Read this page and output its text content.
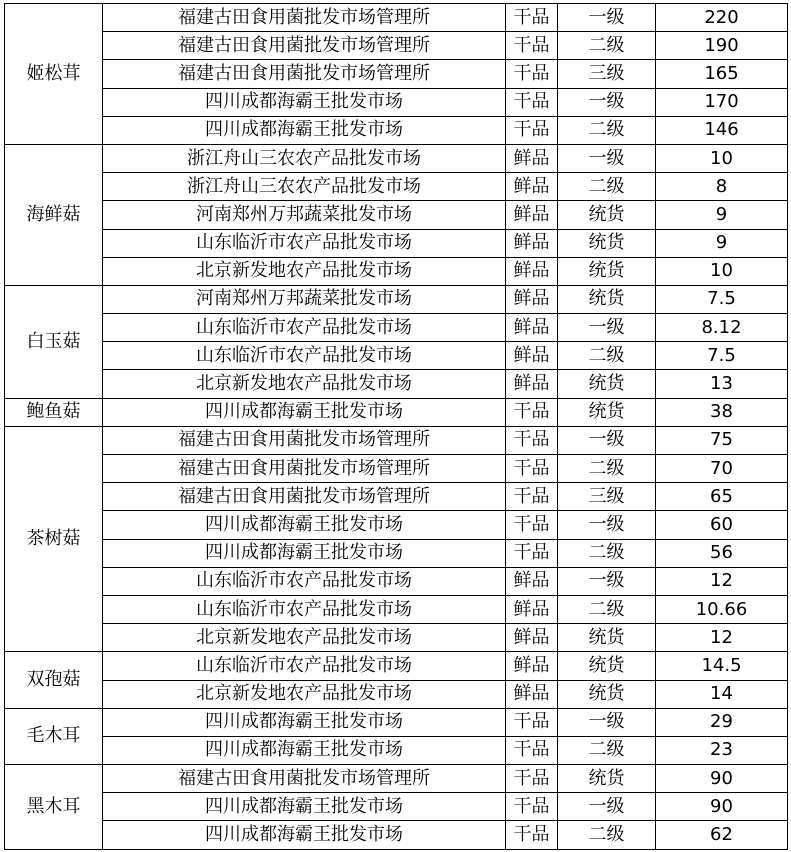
姬松茸
福建古田食用菌批发市场管理所	干品	一级	220
福建古田食用菌批发市场管理所	干品	二级	190
福建古田食用菌批发市场管理所	干品	三级	165
四川成都海霸王批发市场	干品	一级	170
四川成都海霸王批发市场	干品	二级	146
海鲜菇
浙江舟山三农农产品批发市场	鲜品	一级	10
浙江舟山三农农产品批发市场	鲜品	二级	8
河南郑州万邦蔬菜批发市场	鲜品	统货	9
山东临沂市农产品批发市场	鲜品	统货	9
北京新发地农产品批发市场	鲜品	统货	10
白玉菇
河南郑州万邦蔬菜批发市场	鲜品	统货	7.5
山东临沂市农产品批发市场	鲜品	一级	8.12
山东临沂市农产品批发市场	鲜品	二级	7.5
北京新发地农产品批发市场	鲜品	统货	13
鲍鱼菇	四川成都海霸王批发市场	干品	统货	38
茶树菇
福建古田食用菌批发市场管理所	干品	一级	75
福建古田食用菌批发市场管理所	干品	二级	70
福建古田食用菌批发市场管理所	干品	三级	65
四川成都海霸王批发市场	干品	一级	60
四川成都海霸王批发市场	干品	二级	56
山东临沂市农产品批发市场	鲜品	一级	12
山东临沂市农产品批发市场	鲜品	二级	10.66
北京新发地农产品批发市场	鲜品	统货	12
双孢菇
山东临沂市农产品批发市场	鲜品	统货	14.5
北京新发地农产品批发市场	鲜品	统货	14
毛木耳
四川成都海霸王批发市场	干品	一级	29
四川成都海霸王批发市场	干品	二级	23
黑木耳
福建古田食用菌批发市场管理所	干品	统货	90
四川成都海霸王批发市场	干品	一级	90
四川成都海霸王批发市场	干品	二级	62
